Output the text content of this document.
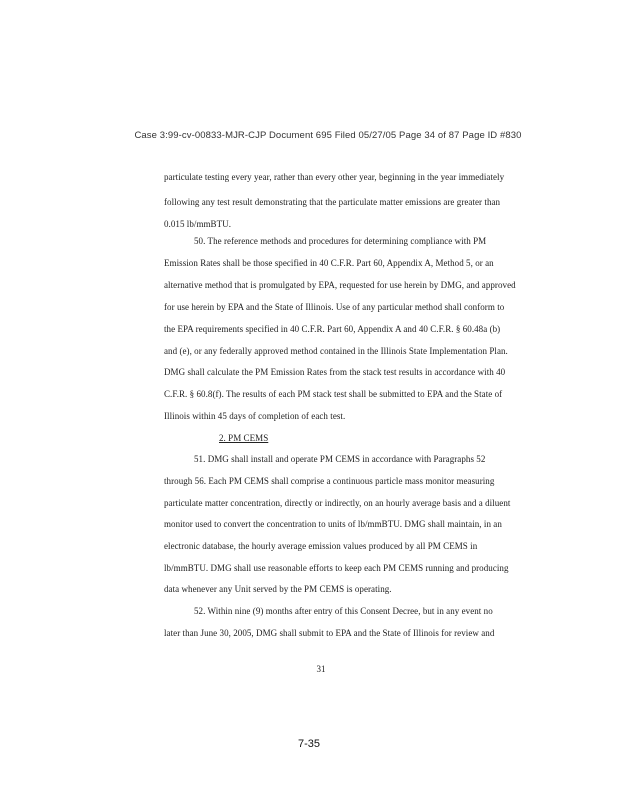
Case 3:99-cv-00833-MJR-CJP Document 695 Filed 05/27/05 Page 34 of 87 Page ID #830
particulate testing every year, rather than every other year, beginning in the year immediately
following any test result demonstrating that the particulate matter emissions are greater than
0.015 lb/mmBTU.
50. The reference methods and procedures for determining compliance with PM
Emission Rates shall be those specified in 40 C.F.R. Part 60, Appendix A, Method 5, or an
alternative method that is promulgated by EPA, requested for use herein by DMG, and approved
for use herein by EPA and the State of Illinois. Use of any particular method shall conform to
the EPA requirements specified in 40 C.F.R. Part 60, Appendix A and 40 C.F.R. § 60.48a (b)
and (e), or any federally approved method contained in the Illinois State Implementation Plan.
DMG shall calculate the PM Emission Rates from the stack test results in accordance with 40
C.F.R. § 60.8(f). The results of each PM stack test shall be submitted to EPA and the State of
Illinois within 45 days of completion of each test.
2. PM CEMS
51. DMG shall install and operate PM CEMS in accordance with Paragraphs 52
through 56. Each PM CEMS shall comprise a continuous particle mass monitor measuring
particulate matter concentration, directly or indirectly, on an hourly average basis and a diluent
monitor used to convert the concentration to units of lb/mmBTU. DMG shall maintain, in an
electronic database, the hourly average emission values produced by all PM CEMS in
lb/mmBTU. DMG shall use reasonable efforts to keep each PM CEMS running and producing
data whenever any Unit served by the PM CEMS is operating.
52. Within nine (9) months after entry of this Consent Decree, but in any event no
later than June 30, 2005, DMG shall submit to EPA and the State of Illinois for review and
31
7-35
